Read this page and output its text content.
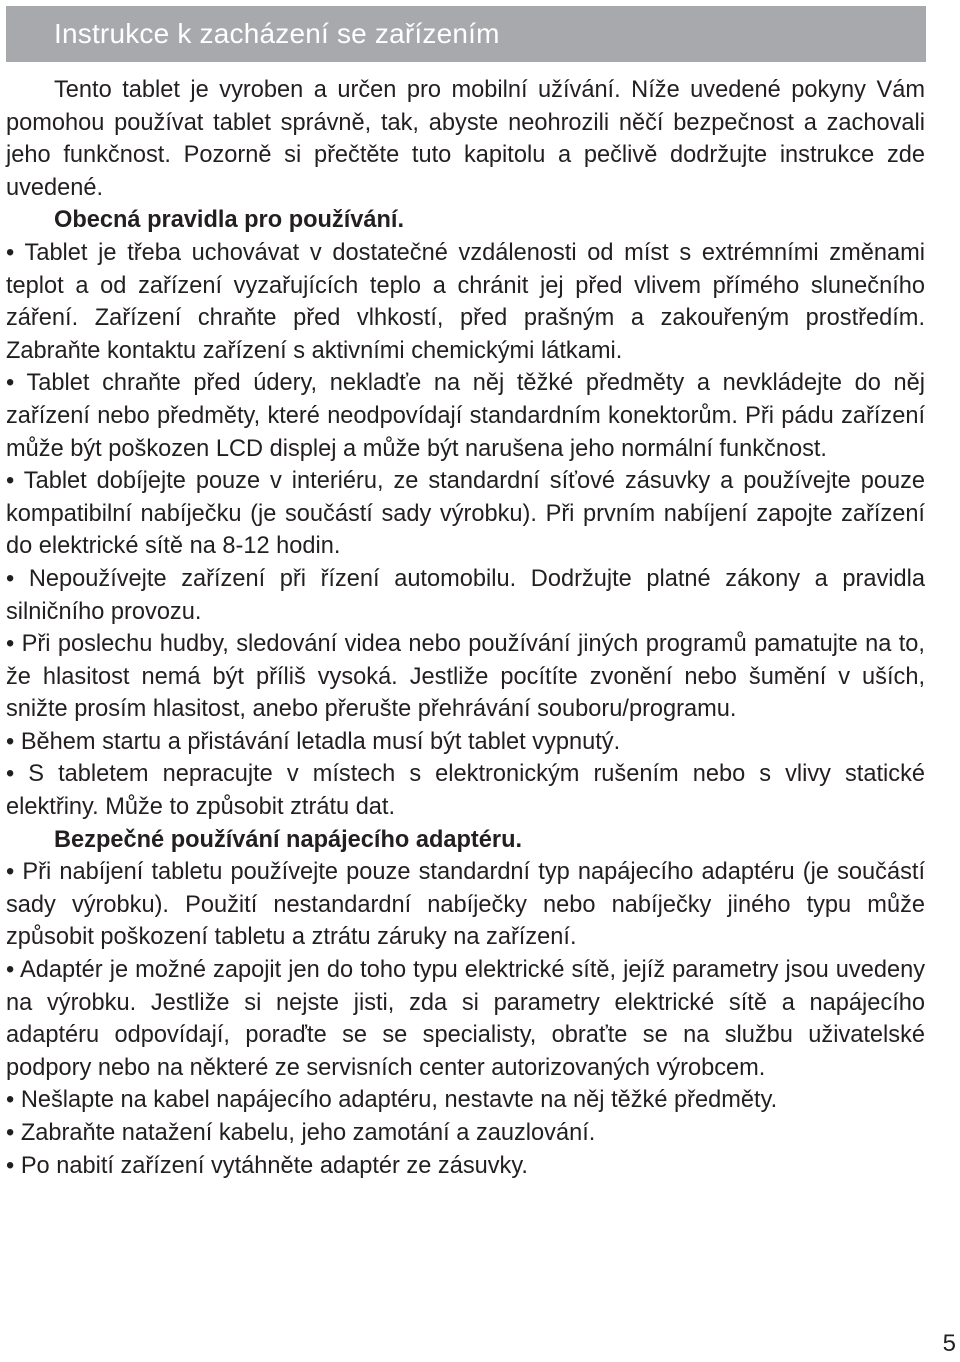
Instrukce k zacházení se zařízením

Tento tablet je vyroben a určen pro mobilní užívání. Níže uvedené pokyny Vám pomohou používat tablet správně, tak, abyste neohrozili něčí bezpečnost a zachovali jeho funkčnost. Pozorně si přečtěte tuto kapitolu a pečlivě dodržujte instrukce zde uvedené.

Obecná pravidla pro používání.

• Tablet je třeba uchovávat v dostatečné vzdálenosti od míst s extrémními změnami teplot a od zařízení vyzařujících teplo a chránit jej před vlivem přímého slunečního záření. Zařízení chraňte před vlhkostí, před prašným a zakouřeným prostředím. Zabraňte kontaktu zařízení s aktivními chemickými látkami.

• Tablet chraňte před údery, nekladťe na něj těžké předměty a nevkládejte do něj zařízení nebo předměty, které neodpovídají standardním konektorům. Při pádu zařízení může být poškozen LCD displej a může být narušena jeho normální funkčnost.

• Tablet dobíjejte pouze v interiéru, ze standardní síťové zásuvky a používejte pouze kompatibilní nabíječku (je součástí sady výrobku). Při prvním nabíjení zapojte zařízení do elektrické sítě na 8-12 hodin.

• Nepoužívejte zařízení při řízení automobilu. Dodržujte platné zákony a pravidla silničního provozu.

• Při poslechu hudby, sledování videa nebo používání jiných programů pamatujte na to, že hlasitost nemá být příliš vysoká. Jestliže pocítíte zvonění nebo šumění v uších, snižte prosím hlasitost, anebo přerušte přehrávání souboru/programu.

• Během startu a přistávání letadla musí být tablet vypnutý.

• S tabletem nepracujte v místech s elektronickým rušením nebo s vlivy statické elektřiny. Může to způsobit ztrátu dat.

Bezpečné používání napájecího adaptéru.

• Při nabíjení tabletu používejte pouze standardní typ napájecího adaptéru (je součástí sady výrobku). Použití nestandardní nabíječky nebo nabíječky jiného typu může způsobit poškození tabletu a ztrátu záruky na zařízení.

• Adaptér je možné zapojit jen do toho typu elektrické sítě, jejíž parametry jsou uvedeny na výrobku. Jestliže si nejste jisti, zda si parametry elektrické sítě a napájecího adaptéru odpovídají, poraďte se se specialisty, obraťte se na službu uživatelské podpory nebo na některé ze servisních center autorizovaných výrobcem.

• Nešlapte na kabel napájecího adaptéru, nestavte na něj těžké předměty.

• Zabraňte natažení kabelu, jeho zamotání a zauzlování.

• Po nabití zařízení vytáhněte adaptér ze zásuvky.

5
